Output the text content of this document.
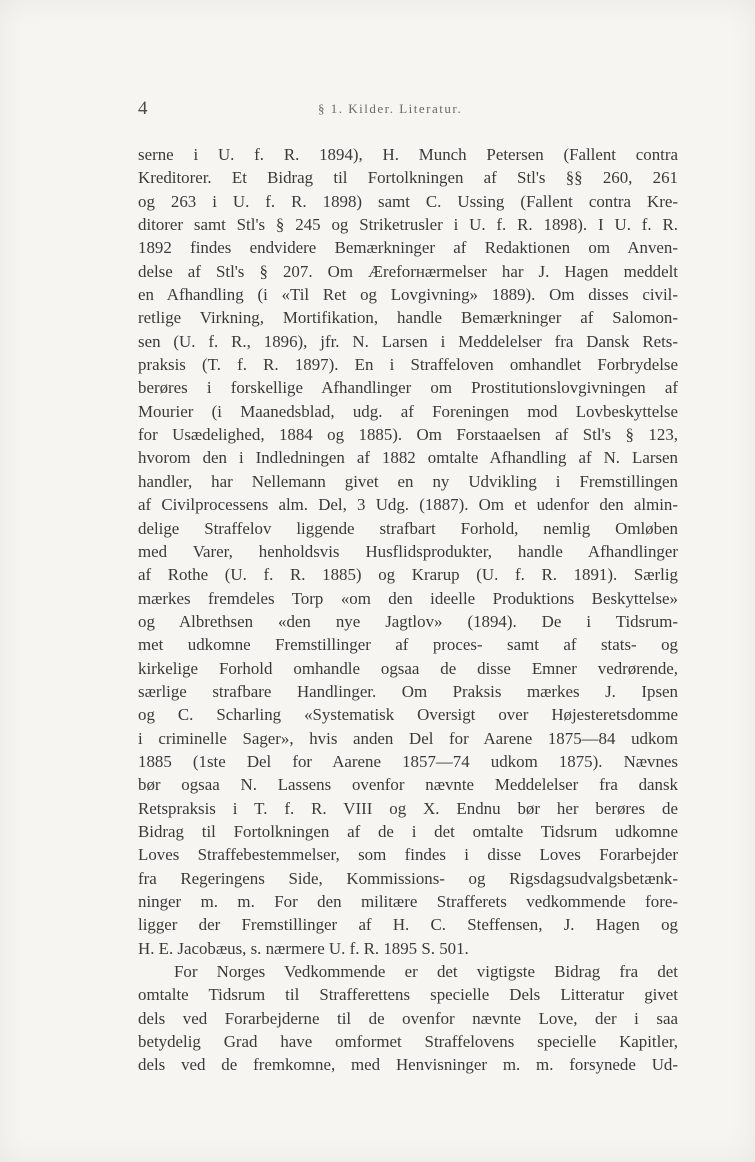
4	§ 1. Kilder. Literatur.
serne i U. f. R. 1894), H. Munch Petersen (Fallent contra
Kreditorer. Et Bidrag til Fortolkningen af Stl's §§ 260, 261
og 263 i U. f. R. 1898) samt C. Ussing (Fallent contra Kre-
ditorer samt Stl's § 245 og Striketrusler i U. f. R. 1898). I U. f. R.
1892 findes endvidere Bemærkninger af Redaktionen om Anven-
delse af Stl's § 207. Om Æreforнærmelser har J. Hagen meddelt
en Afhandling (i «Til Ret og Lovgivning» 1889). Om disses civil-
retlige Virkning, Mortifikation, handle Bemærkninger af Salomon-
sen (U. f. R., 1896), jfr. N. Larsen i Meddelelser fra Dansk Rets-
praksis (T. f. R. 1897). En i Straffeloven omhandlet Forbrydelse
berøres i forskellige Afhandlinger om Prostitutionslovgivningen af
Mourier (i Maanedsblad, udg. af Foreningen mod Lovbeskyttelse
for Usædelighed, 1884 og 1885). Om Forstaaelsen af Stl's § 123,
hvorom den i Indledningen af 1882 omtalte Afhandling af N. Larsen
handler, har Nellemann givet en ny Udvikling i Fremstillingen
af Civilprocessens alm. Del, 3 Udg. (1887). Om et udenfor den almin-
delige Straffelov liggende strafbart Forhold, nemlig Omløben
med Varer, henholdsvis Husflidsprodukter, handle Afhandlinger
af Rothe (U. f. R. 1885) og Krarup (U. f. R. 1891). Særlig
mærkes fremdeles Torp «om den ideelle Produktions Beskyttelse»
og Albrethsen «den nye Jagtlov» (1894). De i Tidsrum-
met udkomne Fremstillinger af proces- samt af stats- og
kirkelige Forhold omhandle ogsaa de disse Emner vedrørende,
særlige strafbare Handlinger. Om Praksis mærkes J. Ipsen
og C. Scharling «Systematisk Oversigt over Højesteretsdomme
i criminelle Sager», hvis anden Del for Aarene 1875—84 udkom
1885 (1ste Del for Aarene 1857—74 udkom 1875). Nævnes
bør ogsaa N. Lassens ovenfor nævnte Meddelelser fra dansk
Retspraksis i T. f. R. VIII og X. Endnu bør her berøres de
Bidrag til Fortolkningen af de i det omtalte Tidsrum udkomne
Loves Straffebestemmelser, som findes i disse Loves Forarbejder
fra Regeringens Side, Kommissions- og Rigsdagsudvalgsbetænk-
ninger m. m. For den militære Strafferets vedkommende fore-
ligger der Fremstillinger af H. C. Steffensen, J. Hagen og
H. E. Jacobæus, s. nærmere U. f. R. 1895 S. 501.
For Norges Vedkommende er det vigtigste Bidrag fra det
omtalte Tidsrum til Strafferettens specielle Dels Litteratur givet
dels ved Forarbejderne til de ovenfor nævnte Love, der i saa
betydelig Grad have omformet Straffelovens specielle Kapitler,
dels ved de fremkomne, med Henvisninger m. m. forsynede Ud-
